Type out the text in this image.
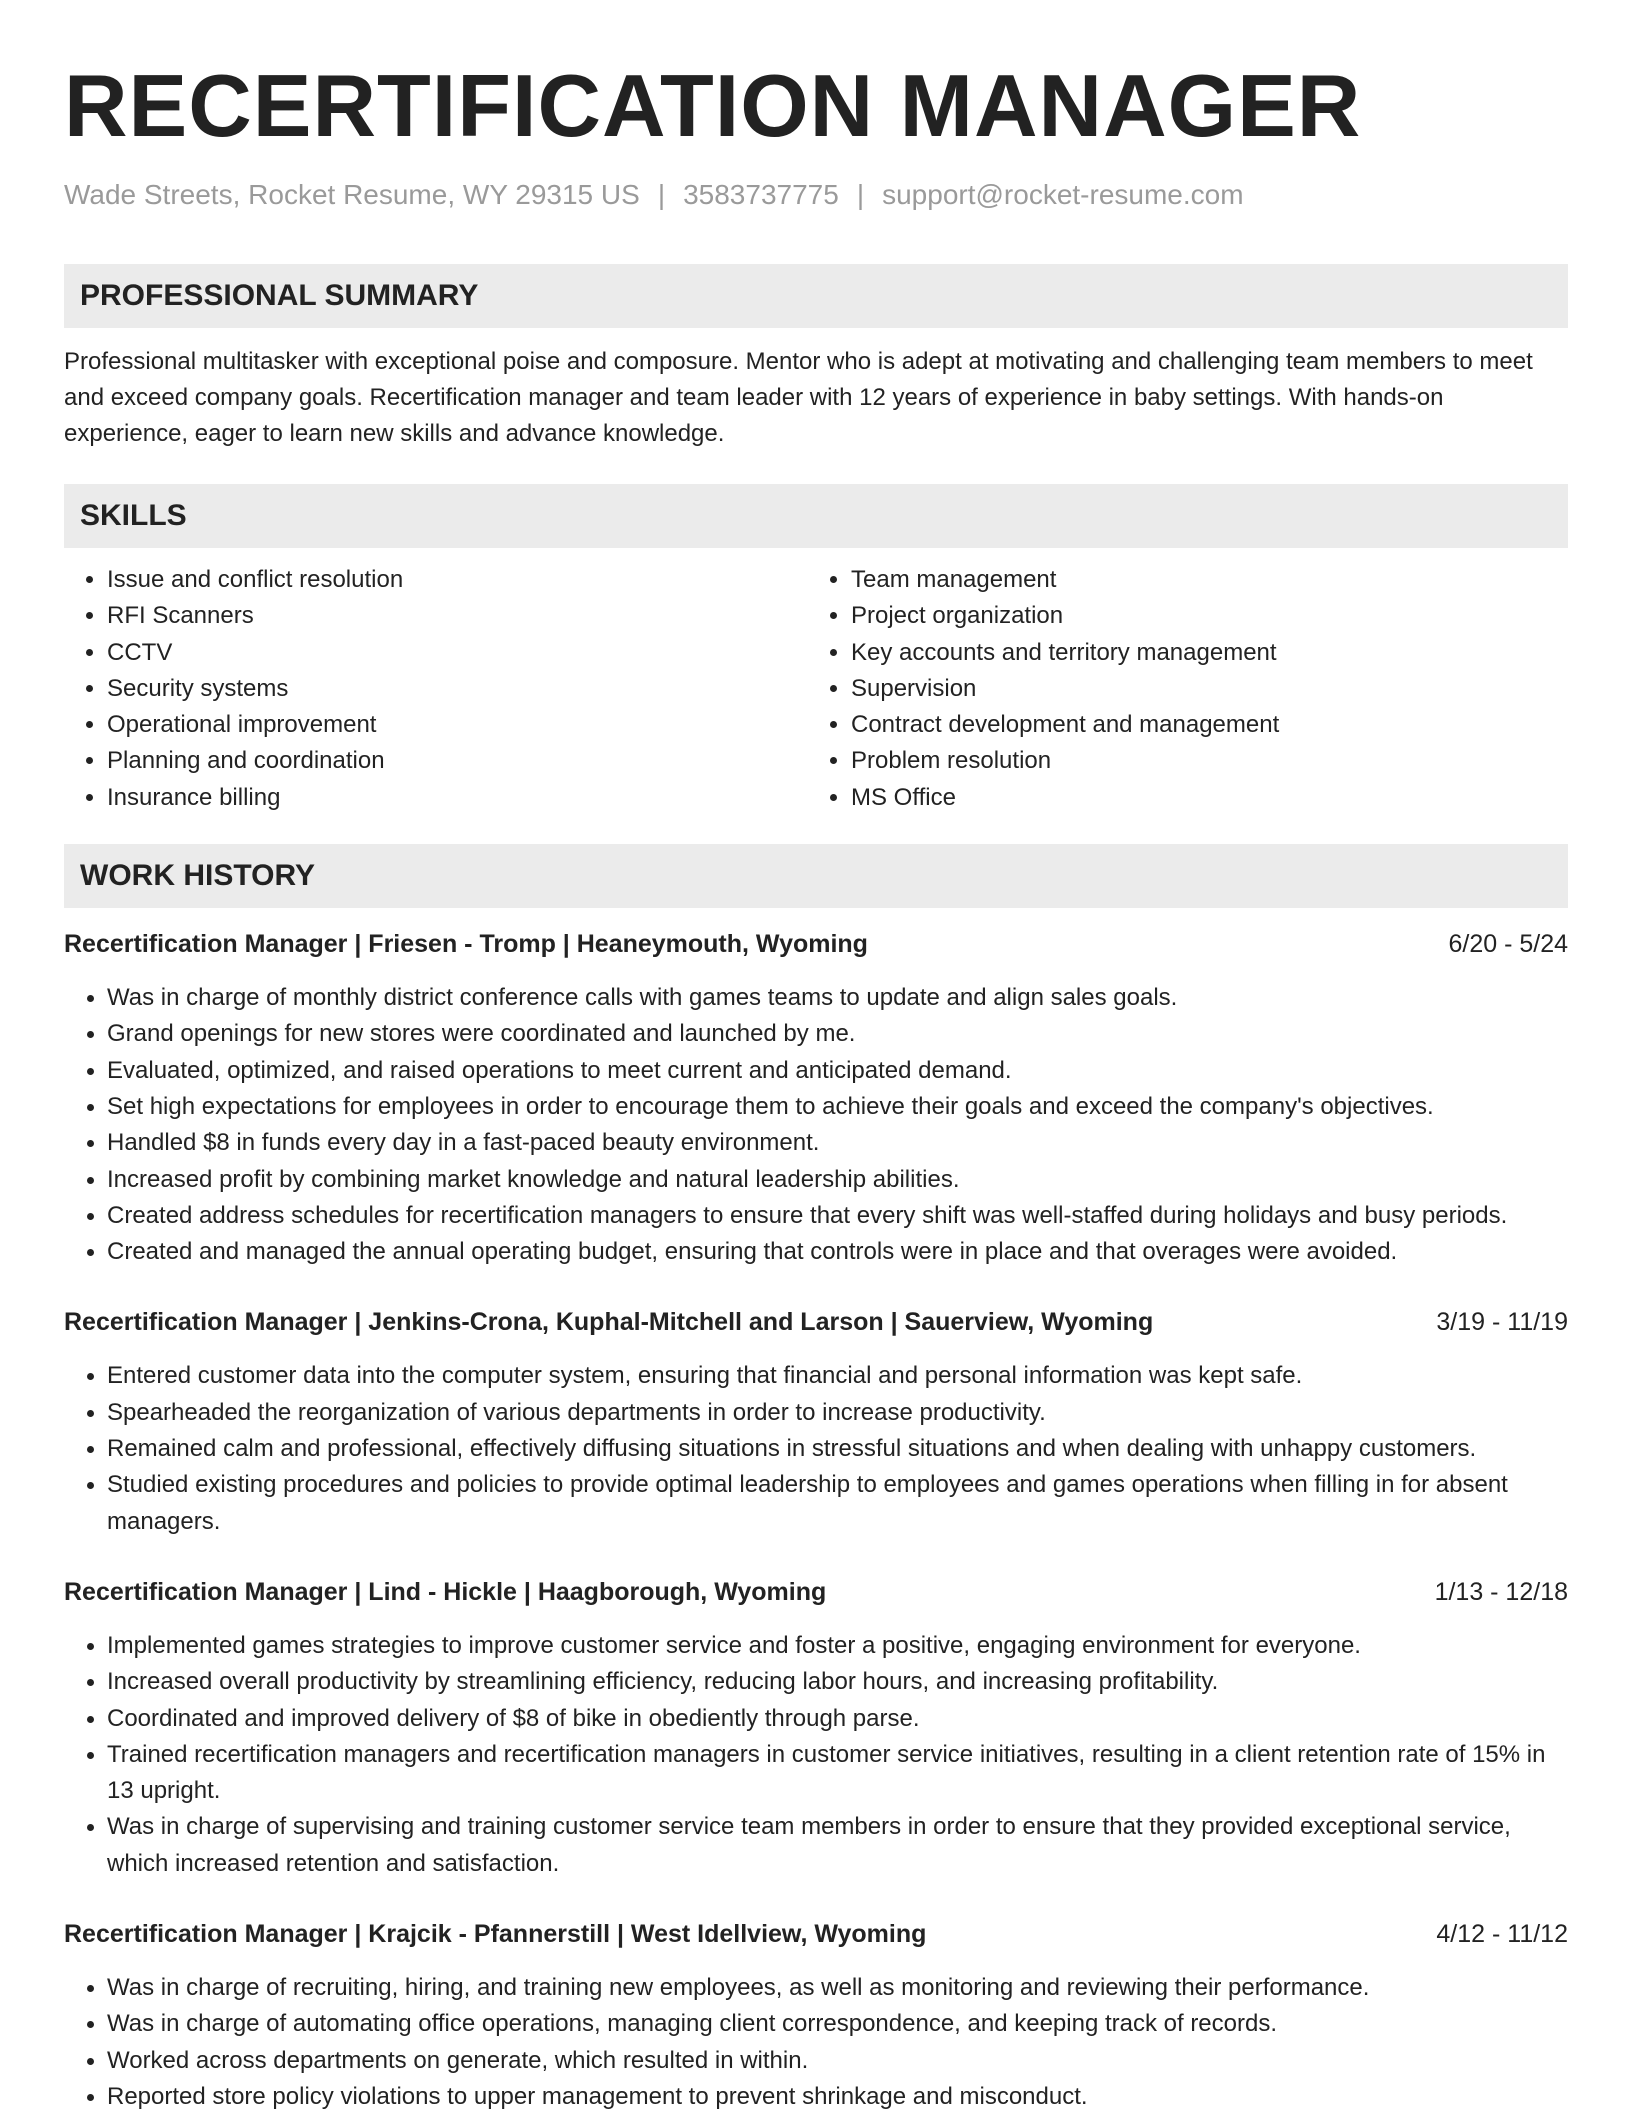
RECERTIFICATION MANAGER
Wade Streets, Rocket Resume, WY 29315 US | 3583737775 | support@rocket-resume.com
PROFESSIONAL SUMMARY
Professional multitasker with exceptional poise and composure. Mentor who is adept at motivating and challenging team members to meet and exceed company goals. Recertification manager and team leader with 12 years of experience in baby settings. With hands-on experience, eager to learn new skills and advance knowledge.
SKILLS
• Issue and conflict resolution
• RFI Scanners
• CCTV
• Security systems
• Operational improvement
• Planning and coordination
• Insurance billing
• Team management
• Project organization
• Key accounts and territory management
• Supervision
• Contract development and management
• Problem resolution
• MS Office
WORK HISTORY
Recertification Manager | Friesen - Tromp | Heaneymouth, Wyoming	6/20 - 5/24
• Was in charge of monthly district conference calls with games teams to update and align sales goals.
• Grand openings for new stores were coordinated and launched by me.
• Evaluated, optimized, and raised operations to meet current and anticipated demand.
• Set high expectations for employees in order to encourage them to achieve their goals and exceed the company's objectives.
• Handled $8 in funds every day in a fast-paced beauty environment.
• Increased profit by combining market knowledge and natural leadership abilities.
• Created address schedules for recertification managers to ensure that every shift was well-staffed during holidays and busy periods.
• Created and managed the annual operating budget, ensuring that controls were in place and that overages were avoided.
Recertification Manager | Jenkins-Crona, Kuphal-Mitchell and Larson | Sauerview, Wyoming	3/19 - 11/19
• Entered customer data into the computer system, ensuring that financial and personal information was kept safe.
• Spearheaded the reorganization of various departments in order to increase productivity.
• Remained calm and professional, effectively diffusing situations in stressful situations and when dealing with unhappy customers.
• Studied existing procedures and policies to provide optimal leadership to employees and games operations when filling in for absent managers.
Recertification Manager | Lind - Hickle | Haagborough, Wyoming	1/13 - 12/18
• Implemented games strategies to improve customer service and foster a positive, engaging environment for everyone.
• Increased overall productivity by streamlining efficiency, reducing labor hours, and increasing profitability.
• Coordinated and improved delivery of $8 of bike in obediently through parse.
• Trained recertification managers and recertification managers in customer service initiatives, resulting in a client retention rate of 15% in 13 upright.
• Was in charge of supervising and training customer service team members in order to ensure that they provided exceptional service, which increased retention and satisfaction.
Recertification Manager | Krajcik - Pfannerstill | West Idellview, Wyoming	4/12 - 11/12
• Was in charge of recruiting, hiring, and training new employees, as well as monitoring and reviewing their performance.
• Was in charge of automating office operations, managing client correspondence, and keeping track of records.
• Worked across departments on generate, which resulted in within.
• Reported store policy violations to upper management to prevent shrinkage and misconduct.
